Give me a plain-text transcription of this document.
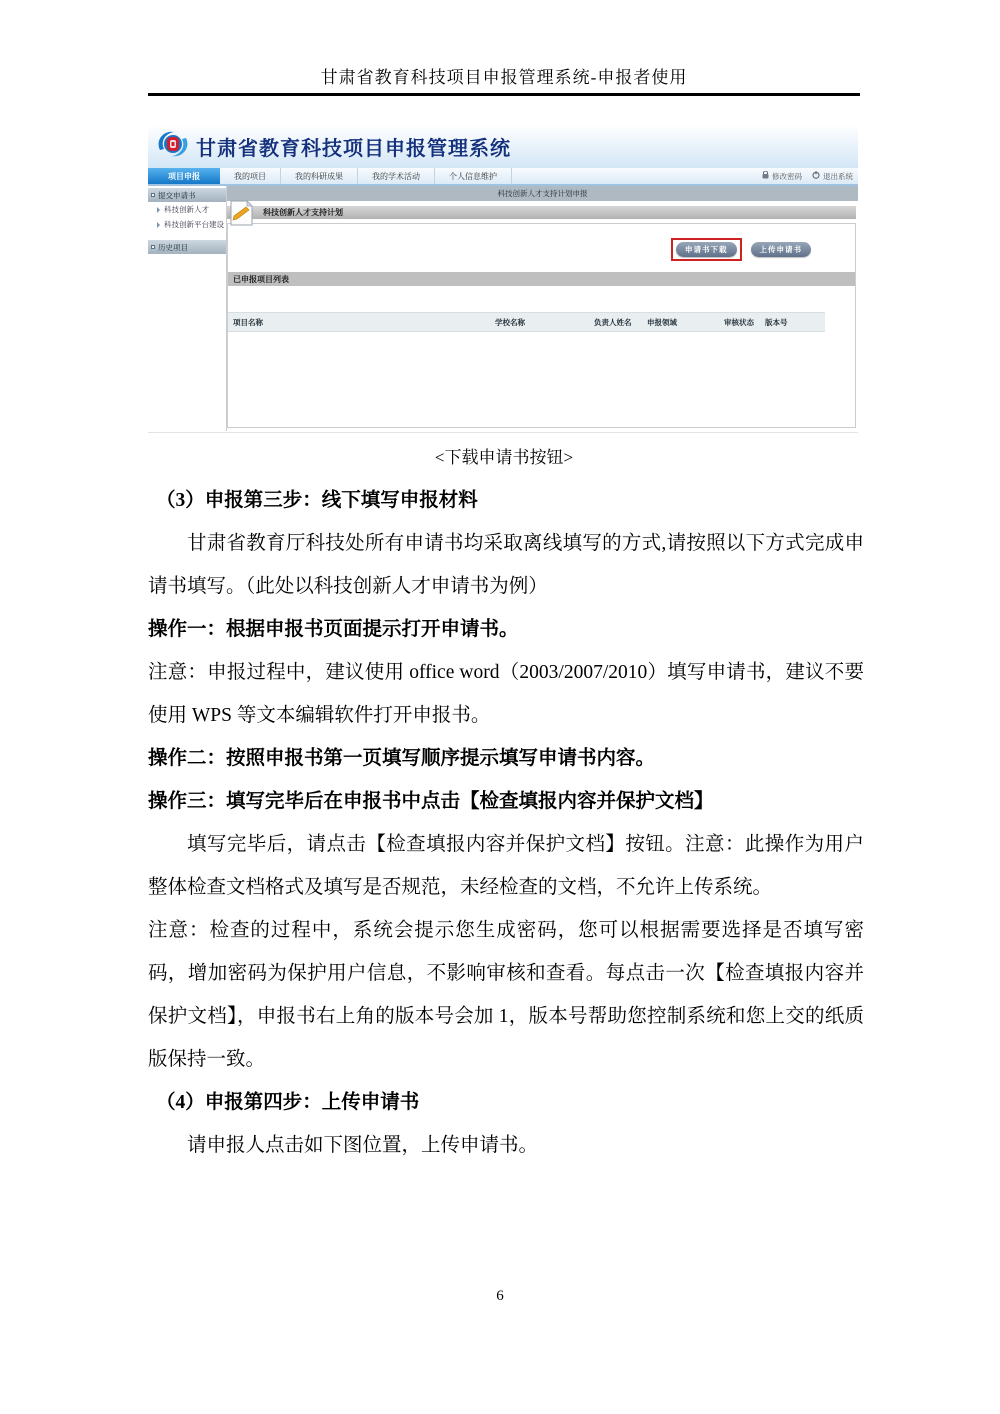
甘肃省教育科技项目申报管理系统-申报者使用
甘肃省教育科技项目申报管理系统
项目申报	我的项目	我的科研成果	我的学术活动	个人信息维护	修改密码	退出系统
提交申请书
科技创新人才
科技创新平台建设
历史项目
科技创新人才支持计划申报
科技创新人才支持计划
申请书下载	上传申请书
已申报项目列表
项目名称	学校名称	负责人姓名	申报领域	审核状态	版本号
<下载申请书按钮>

（3）申报第三步：线下填写申报材料

甘肃省教育厅科技处所有申请书均采取离线填写的方式,请按照以下方式完成申请书填写。（此处以科技创新人才申请书为例）

操作一：根据申报书页面提示打开申请书。

注意：申报过程中，建议使用 office word（2003/2007/2010）填写申请书，建议不要使用 WPS 等文本编辑软件打开申报书。

操作二：按照申报书第一页填写顺序提示填写申请书内容。

操作三：填写完毕后在申报书中点击【检查填报内容并保护文档】

填写完毕后，请点击【检查填报内容并保护文档】按钮。注意：此操作为用户整体检查文档格式及填写是否规范，未经检查的文档，不允许上传系统。

注意：检查的过程中，系统会提示您生成密码，您可以根据需要选择是否填写密码，增加密码为保护用户信息，不影响审核和查看。每点击一次【检查填报内容并保护文档】，申报书右上角的版本号会加 1，版本号帮助您控制系统和您上交的纸质版保持一致。

（4）申报第四步：上传申请书

请申报人点击如下图位置，上传申请书。

6
